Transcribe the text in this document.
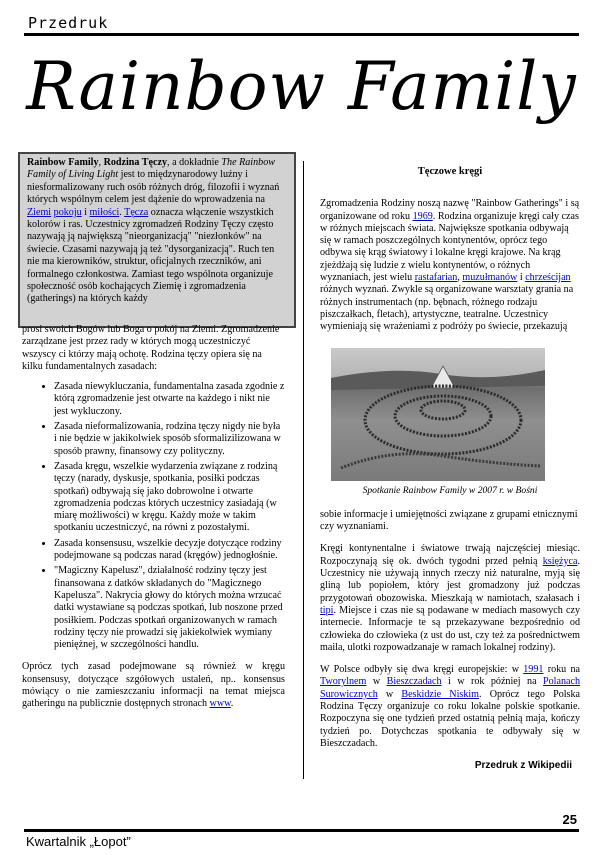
Przedruk
Rainbow Family
Rainbow Family, Rodzina Tęczy, a dokładnie The Rainbow Family of Living Light jest to międzynarodowy luźny i niesformalizowany ruch osób różnych dróg, filozofii i wyznań których wspólnym celem jest dążenie do wprowadzenia na Ziemi pokoju i miłości. Tęcza oznacza włączenie wszystkich kolorów i ras. Uczestnicy zgromadzeń Rodziny Tęczy często nazywają ją największą "nieorganizacją" "niezłonków" na świecie. Czasami nazywają ją też "dysorganizacją". Ruch ten nie ma kierowników, struktur, oficjalnych rzeczników, ani formalnego członkostwa. Zamiast tego wspólnota organizuje społeczność osób kochających Ziemię i zgromadzenia (gatherings) na których każdy

prosi swoich Bogów lub Boga o pokój na Ziemi. Zgromadzenie zarządzane jest przez rady w których mogą uczestniczyć wszyscy ci którzy mają ochotę. Rodzina tęczy opiera się na kilku fundamentalnych zasadach:

• Zasada niewykluczania, fundamentalna zasada zgodnie z którą zgromadzenie jest otwarte na każdego i nikt nie jest wykluczony.
• Zasada nieformalizowania, rodzina tęczy nigdy nie była i nie będzie w jakikolwiek sposób sformalizilizowana w sposób prawny, finansowy czy polityczny.
• Zasada kręgu, wszelkie wydarzenia związane z rodziną tęczy (narady, dyskusje, spotkania, posiłki podczas spotkań) odbywają się jako dobrowolne i otwarte zgromadzenia podczas których uczestnicy zasiadają (w miarę możliwości) w kręgu. Każdy może w takim spotkaniu uczestniczyć, na równi z pozostałymi.
• Zasada konsensusu, wszelkie decyzje dotyczące rodziny podejmowane są podczas narad (kręgów) jednogłośnie.
• "Magiczny Kapelusz", działalność rodziny tęczy jest finansowana z datków składanych do "Magicznego Kapelusza". Nakrycia głowy do których można wrzucać datki wystawiane są podczas spotkań, lub noszone przed posiłkiem. Podczas spotkań organizowanych w ramach rodziny tęczy nie prowadzi się jakiekolwiek wymiany pieniężnej, w szczególności handlu.

Oprócz tych zasad podejmowane są również w kręgu konsensusy, dotyczące szgółowych ustaleń, np.. konsensus mówiący o nie zamieszczaniu informacji na temat miejsca gatheringu na publicznie dostępnych stronach www.

Tęczowe kręgi

Zgromadzenia Rodziny noszą nazwę "Rainbow Gatherings" i są organizowane od roku 1969. Rodzina organizuje kręgi cały czas w różnych miejscach świata. Największe spotkania odbywają się w ramach poszczególnych kontynentów, oprócz tego odbywa się krąg światowy i lokalne kręgi krajowe. Na krąg zjeżdżają się ludzie z wielu kontynentów, o różnych wyznaniach, jest wielu rastafarian, muzułmanów i chrześcijan różnych wyznań. Zwykle są organizowane warsztaty grania na różnych instrumentach (np. bębnach, różnego rodzaju piszczałkach, fletach), artystyczne, teatralne. Uczestnicy wymieniają się wrażeniami z podróży po świecie, przekazują

Spotkanie Rainbow Family w 2007 r. w Bośni

sobie informacje i umiejętności związane z grupami etnicznymi czy wyznaniami.

Kręgi kontynentalne i światowe trwają najczęściej miesiąc. Rozpoczynają się ok. dwóch tygodni przed pełnią księżyca. Uczestnicy nie używają innych rzeczy niż naturalne, myją się gliną lub popiołem, który jest gromadzony już podczas przygotowań obozowiska. Mieszkają w namiotach, szałasach i tipi. Miejsce i czas nie są podawane w mediach masowych czy internecie. Informacje te są przekazywane bezpośrednio od człowieka do człowieka (z ust do ust, czy też za pośrednictwem maila, ulotki rozpowadzanaje w ramach lokalnej rodziny).

W Polsce odbyły się dwa kręgi europejskie: w 1991 roku na Tworylnem w Bieszczadach i w rok później na Polanach Surowicznych w Beskidzie Niskim. Oprócz tego Polska Rodzina Tęczy organizuje co roku lokalne polskie spotkanie. Rozpoczyna się one tydzień przed ostatnią pełnią maja, kończy tydzień po. Dotychczas spotkania te odbywały się w Bieszczadach.

Przedruk z Wikipedii
25
Kwartalnik „Łopot”
